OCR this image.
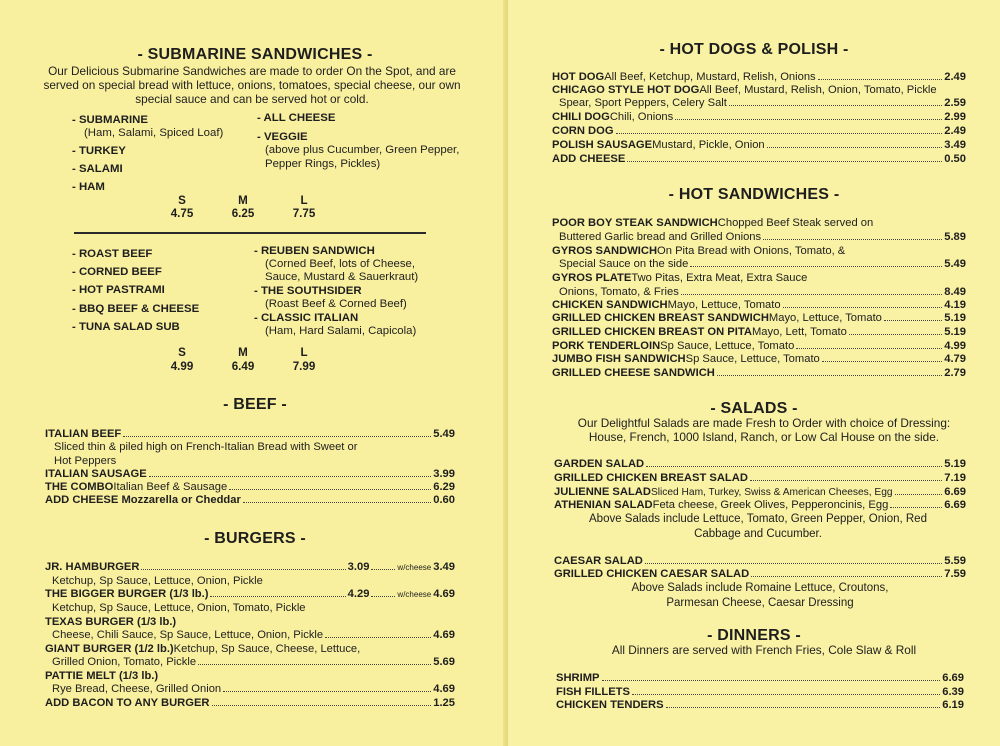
- SUBMARINE SANDWICHES -
Our Delicious Submarine Sandwiches are made to order On the Spot, and are served on special bread with lettuce, onions, tomatoes, special cheese, our own special sauce and can be served hot or cold.
- SUBMARINE
(Ham, Salami, Spiced Loaf)
- TURKEY
- SALAMI
- HAM
- ALL CHEESE
- VEGGIE
(above plus Cucumber, Green Pepper, Pepper Rings, Pickles)
S	M	L
4.75	6.25	7.75
- ROAST BEEF
- CORNED BEEF
- HOT PASTRAMI
- BBQ BEEF & CHEESE
- TUNA SALAD SUB
- REUBEN SANDWICH
(Corned Beef, lots of Cheese,
Sauce, Mustard & Sauerkraut)
- THE SOUTHSIDER
(Roast Beef & Corned Beef)
- CLASSIC ITALIAN
(Ham, Hard Salami, Capicola)
S	M	L
4.99	6.49	7.99
- BEEF -
ITALIAN BEEF	5.49
Sliced thin & piled high on French-Italian Bread with Sweet or
Hot Peppers
ITALIAN SAUSAGE	3.99
THE COMBO Italian Beef & Sausage	6.29
ADD CHEESE Mozzarella or Cheddar	0.60
- BURGERS -
JR. HAMBURGER	3.09	w/cheese 3.49
Ketchup, Sp Sauce, Lettuce, Onion, Pickle
THE BIGGER BURGER (1/3 lb.)	4.29	w/cheese 4.69
Ketchup, Sp Sauce, Lettuce, Onion, Tomato, Pickle
TEXAS BURGER (1/3 lb.)
Cheese, Chili Sauce, Sp Sauce, Lettuce, Onion, Pickle	4.69
GIANT BURGER (1/2 lb.) Ketchup, Sp Sauce, Cheese, Lettuce,
Grilled Onion, Tomato, Pickle	5.69
PATTIE MELT (1/3 lb.)
Rye Bread, Cheese, Grilled Onion	4.69
ADD BACON TO ANY BURGER	1.25
- HOT DOGS & POLISH -
HOT DOG All Beef, Ketchup, Mustard, Relish, Onions	2.49
CHICAGO STYLE HOT DOG All Beef, Mustard, Relish, Onion, Tomato, Pickle
Spear, Sport Peppers, Celery Salt	2.59
CHILI DOG Chili, Onions	2.99
CORN DOG	2.49
POLISH SAUSAGE Mustard, Pickle, Onion	3.49
ADD CHEESE	0.50
- HOT SANDWICHES -
POOR BOY STEAK SANDWICH Chopped Beef Steak served on
Buttered Garlic bread and Grilled Onions	5.89
GYROS SANDWICH On Pita Bread with Onions, Tomato, &
Special Sauce on the side	5.49
GYROS PLATE Two Pitas, Extra Meat, Extra Sauce
Onions, Tomato, & Fries	8.49
CHICKEN SANDWICH Mayo, Lettuce, Tomato	4.19
GRILLED CHICKEN BREAST SANDWICH Mayo, Lettuce, Tomato	5.19
GRILLED CHICKEN BREAST ON PITA Mayo, Lett, Tomato	5.19
PORK TENDERLOIN Sp Sauce, Lettuce, Tomato	4.99
JUMBO FISH SANDWICH Sp Sauce, Lettuce, Tomato	4.79
GRILLED CHEESE SANDWICH	2.79
- SALADS -
Our Delightful Salads are made Fresh to Order with choice of Dressing: House, French, 1000 Island, Ranch, or Low Cal House on the side.
GARDEN SALAD	5.19
GRILLED CHICKEN BREAST SALAD	7.19
JULIENNE SALAD Sliced Ham, Turkey, Swiss & American Cheeses, Egg	6.69
ATHENIAN SALAD Feta cheese, Greek Olives, Pepperoncinis, Egg	6.69
Above Salads include Lettuce, Tomato, Green Pepper, Onion, Red Cabbage and Cucumber.
CAESAR SALAD	5.59
GRILLED CHICKEN CAESAR SALAD	7.59
Above Salads include Romaine Lettuce, Croutons, Parmesan Cheese, Caesar Dressing
- DINNERS -
All Dinners are served with French Fries, Cole Slaw & Roll
SHRIMP	6.69
FISH FILLETS	6.39
CHICKEN TENDERS	6.19
